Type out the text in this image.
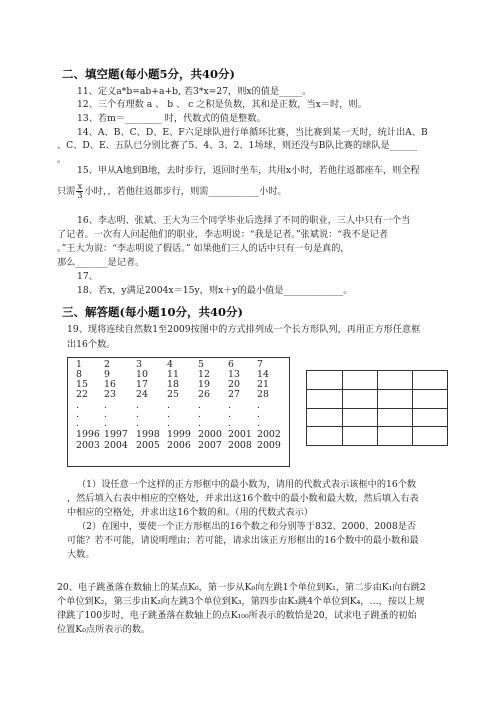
二、填空题(每小题5分，共40分)
11、定义a*b=ab+a+b, 若3*x=27，则x的值是_____。
12、三个有理数 a 、 b 、 c 之积是负数，其和是正数，当x＝时，则。
13、若m＝________ 时，代数式的值是整数。
14、A、B、C、D、E、F六足球队进行单循环比赛，当比赛到某一天时，统计出A、B
、C、D、E、五队已分别比赛了5、4、3、2、1场球，则还没与B队比赛的球队是______
。
15、甲从A地到B地，去时步行，返回时坐车，共用x小时，若他往返都座车，则全程
只需 $\frac{x}{3}$ 小时，，若他往返都步行，则需___________小时。
16、李志明、张斌、王大为三个同学毕业后选择了不同的职业，三人中只有一个当
了记者。一次有人问起他们的职业，李志明说：“我是记者。”张斌说：“我不是记者
。”王大为说：“李志明说了假话。” 如果他们三人的话中只有一句是真的，
那么_______是记者。
17、
18、若x，y满足2004x＝15y，则x＋y的最小值是_____________。
三、解答题(每小题10分，共40分)
19、现将连续自然数1至2009按图中的方式排列成一个长方形队列，再用正方形任意框
出16个数。
1 2	3	4	5	6 7
8 9	10 11 12 13 14
15 16 17 18 19 20 21
22 23 24 25 26 27 28
.	.	.	.	.	.	.
.	.	.	.	.	.	.
.	.	.	.	.	.	.
1996 1997 1998 1999 2000 2001 2002
2003 2004 2005 2006 2007 2008 2009
（1）设任意一个这样的正方形框中的最小数为，请用的代数式表示该框中的16个数
，然后填入右表中相应的空格处，并求出这16个数中的最小数和最大数，然后填入右表
中相应的空格处，并求出这16个数的和。（用的代数式表示）
（2）在图中，要使一个正方形框出的16个数之和分别等于832、2000、2008是否
可能？若不可能，请说明理由；若可能，请求出该正方形框出的16个数中的最小数和最
大数。
20、电子跳蚤落在数轴上的某点K₀，第一步从K₀向左跳1个单位到K₁，第二步由K₁向右跳2
个单位到K₂，第三步由K₂向左跳3个单位到K₃，第四步由K₃跳4个单位到K₄，…，按以上规
律跳了100步时，电子跳蚤落在数轴上的点K₁₀₀所表示的数恰是20，试求电子跳蚤的初始
位置K₀点所表示的数。
